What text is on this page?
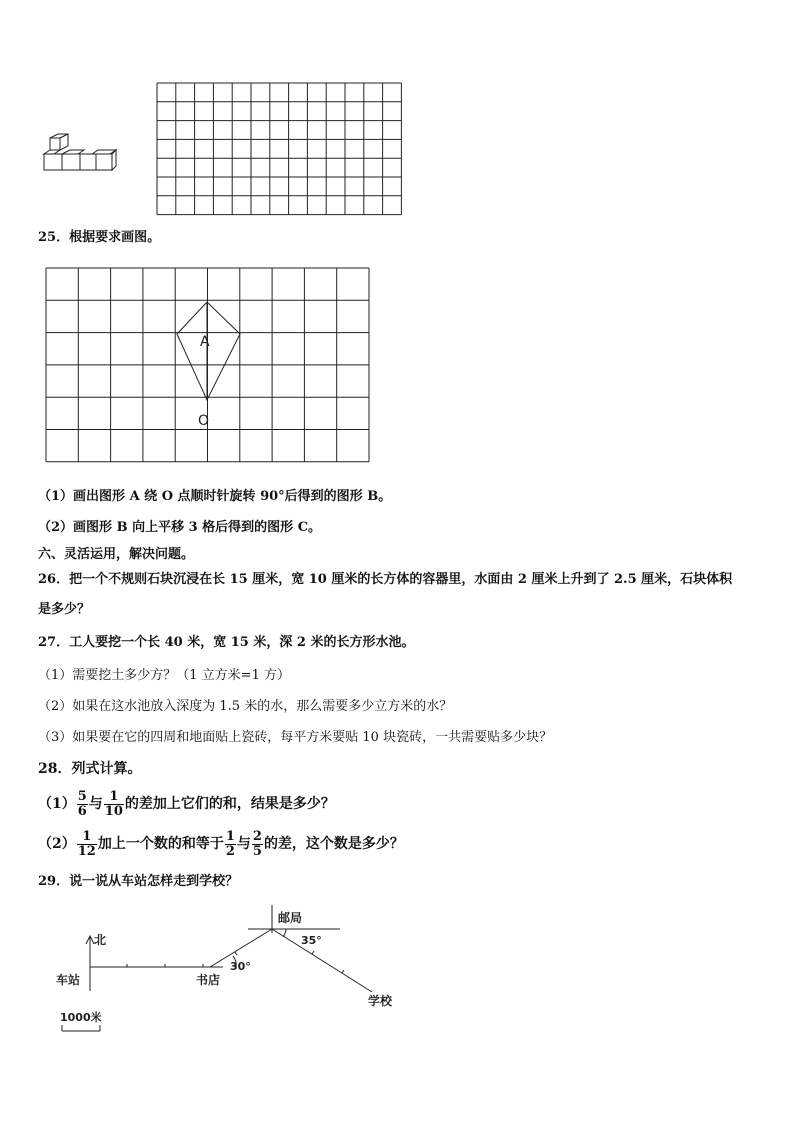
25．根据要求画图。
A
O
（1）画出图形 A 绕 O 点顺时针旋转 90°后得到的图形 B。
（2）画图形 B 向上平移 3 格后得到的图形 C。
六、灵活运用，解决问题。
26．把一个不规则石块沉浸在长 15 厘米，宽 10 厘米的长方体的容器里，水面由 2 厘米上升到了 2.5 厘米，石块体积
是多少？
27．工人要挖一个长 40 米，宽 15 米，深 2 米的长方形水池。
（1）需要挖土多少方？（1 立方米=1 方）
（2）如果在这水池放入深度为 1.5 米的水，那么需要多少立方米的水？
（3）如果要在它的四周和地面贴上瓷砖，每平方米要贴 10 块瓷砖，一共需要贴多少块？
28．列式计算。
$(1) \frac{5}{6}$ 与 $\frac{1}{10}$ 的差加上它们的和，结果是多少？
$(2) \frac{1}{12}$ 加上一个数的和等于 $\frac{1}{2}$ 与 $\frac{2}{5}$ 的差，这个数是多少？
29．说一说从车站怎样走到学校？
北
车站	书店
邮局
学校
30°
35°
1000米
